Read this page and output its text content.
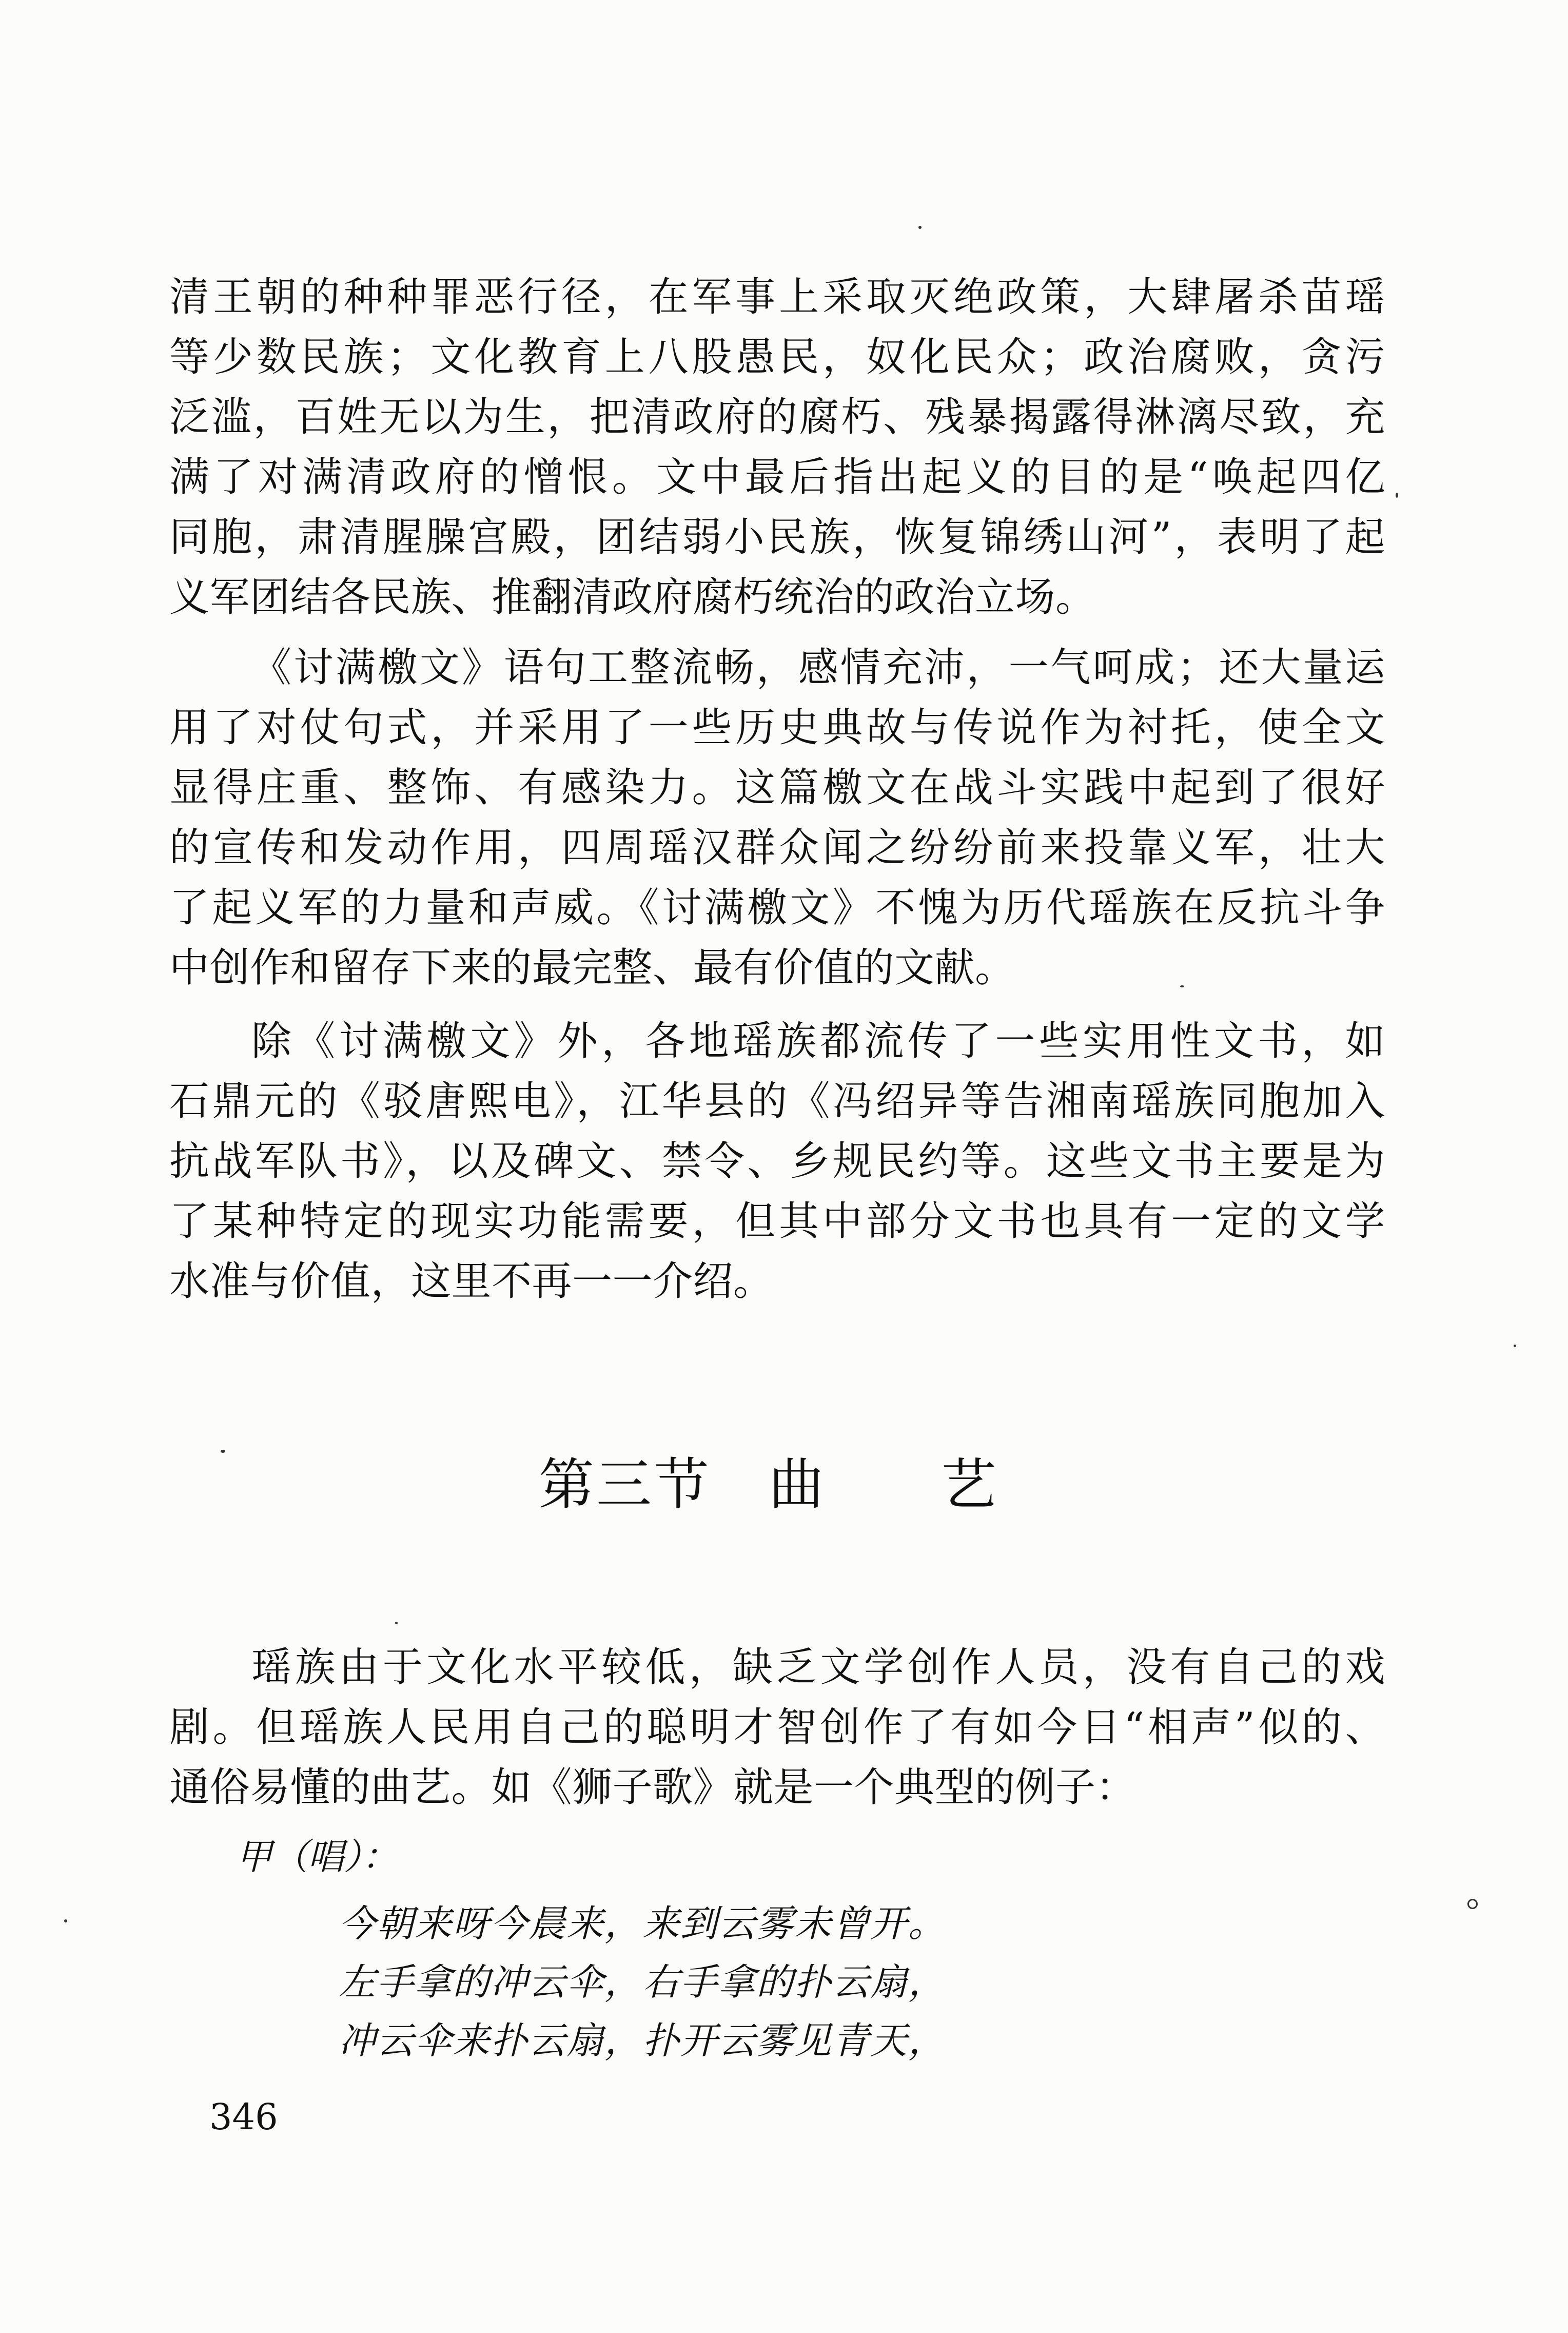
清王朝的种种罪恶行径，在军事上采取灭绝政策，大肆屠杀苗瑶
等少数民族；文化教育上八股愚民，奴化民众；政治腐败，贪污
泛滥，百姓无以为生，把清政府的腐朽、残暴揭露得淋漓尽致，充
满了对满清政府的憎恨。文中最后指出起义的目的是“唤起四亿
同胞，肃清腥臊宫殿，团结弱小民族，恢复锦绣山河”，表明了起
义军团结各民族、推翻清政府腐朽统治的政治立场。
《讨满檄文》语句工整流畅，感情充沛，一气呵成；还大量运
用了对仗句式，并采用了一些历史典故与传说作为衬托，使全文
显得庄重、整饰、有感染力。这篇檄文在战斗实践中起到了很好
的宣传和发动作用，四周瑶汉群众闻之纷纷前来投靠义军，壮大
了起义军的力量和声威。《讨满檄文》不愧为历代瑶族在反抗斗争
中创作和留存下来的最完整、最有价值的文献。
除《讨满檄文》外，各地瑶族都流传了一些实用性文书，如
石鼎元的《驳唐熙电》，江华县的《冯绍异等告湘南瑶族同胞加入
抗战军队书》，以及碑文、禁令、乡规民约等。这些文书主要是为
了某种特定的现实功能需要，但其中部分文书也具有一定的文学
水准与价值，这里不再一一介绍。
第三节　曲　　艺
瑶族由于文化水平较低，缺乏文学创作人员，没有自己的戏
剧。但瑶族人民用自己的聪明才智创作了有如今日“相声”似的、
通俗易懂的曲艺。如《狮子歌》就是一个典型的例子：
甲（唱）：
今朝来呀今晨来，来到云雾未曾开。
左手拿的冲云伞，右手拿的扑云扇，
冲云伞来扑云扇，扑开云雾见青天，
346
